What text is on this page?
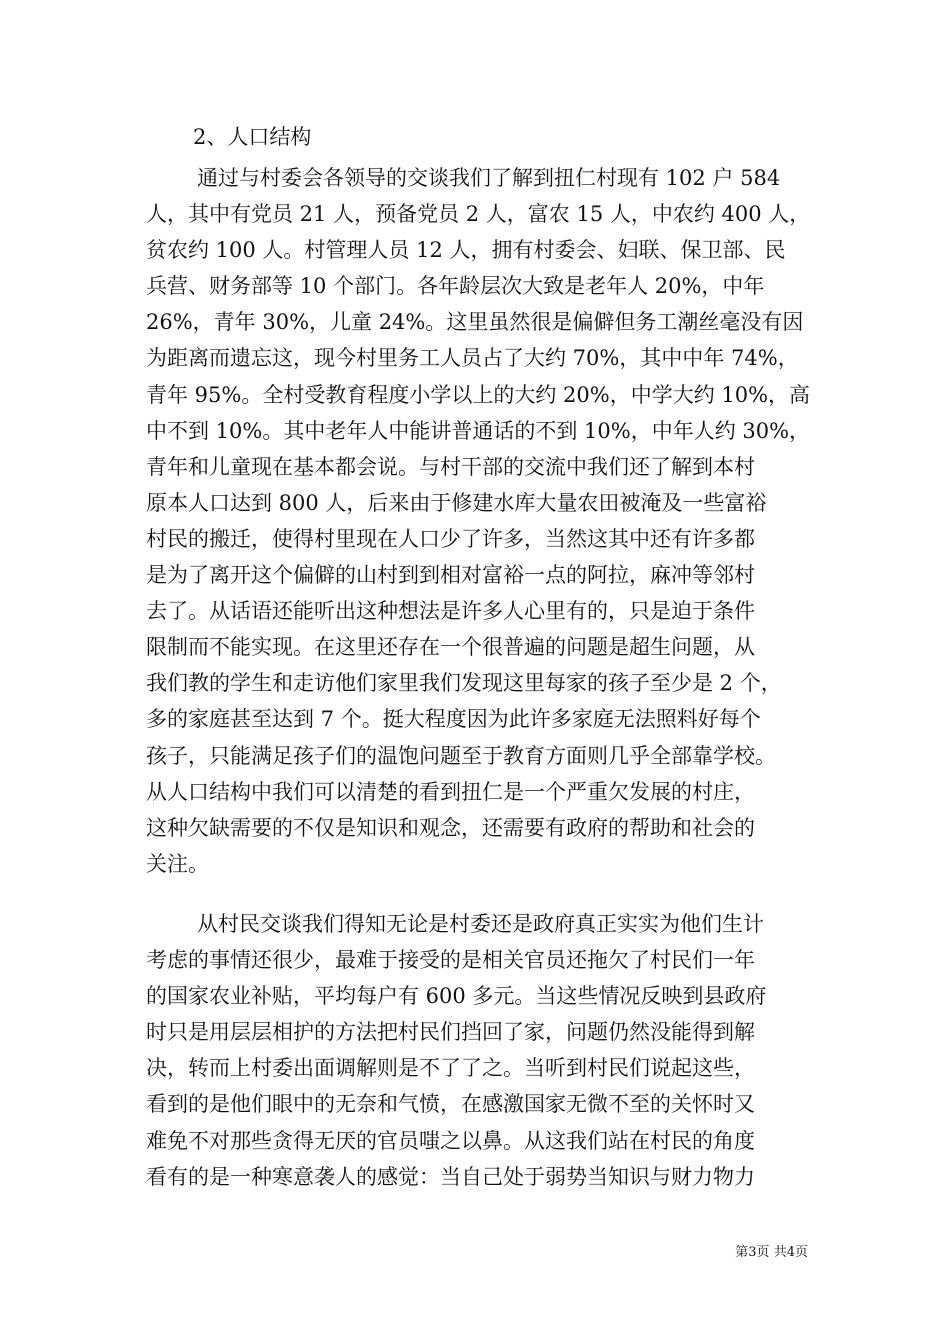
2、人口结构
通过与村委会各领导的交谈我们了解到扭仁村现有 102 户 584
人，其中有党员 21 人，预备党员 2 人，富农 15 人，中农约 400 人，
贫农约 100 人。村管理人员 12 人，拥有村委会、妇联、保卫部、民
兵营、财务部等 10 个部门。各年龄层次大致是老年人 20%，中年
26%，青年 30%，儿童 24%。这里虽然很是偏僻但务工潮丝毫没有因
为距离而遗忘这，现今村里务工人员占了大约 70%，其中中年 74%，
青年 95%。全村受教育程度小学以上的大约 20%，中学大约 10%，高
中不到 10%。其中老年人中能讲普通话的不到 10%，中年人约 30%，
青年和儿童现在基本都会说。与村干部的交流中我们还了解到本村
原本人口达到 800 人，后来由于修建水库大量农田被淹及一些富裕
村民的搬迁，使得村里现在人口少了许多，当然这其中还有许多都
是为了离开这个偏僻的山村到到相对富裕一点的阿拉，麻冲等邻村
去了。从话语还能听出这种想法是许多人心里有的，只是迫于条件
限制而不能实现。在这里还存在一个很普遍的问题是超生问题，从
我们教的学生和走访他们家里我们发现这里每家的孩子至少是 2 个，
多的家庭甚至达到 7 个。挺大程度因为此许多家庭无法照料好每个
孩子，只能满足孩子们的温饱问题至于教育方面则几乎全部靠学校。
从人口结构中我们可以清楚的看到扭仁是一个严重欠发展的村庄，
这种欠缺需要的不仅是知识和观念，还需要有政府的帮助和社会的
关注。
从村民交谈我们得知无论是村委还是政府真正实实为他们生计
考虑的事情还很少，最难于接受的是相关官员还拖欠了村民们一年
的国家农业补贴，平均每户有 600 多元。当这些情况反映到县政府
时只是用层层相护的方法把村民们挡回了家，问题仍然没能得到解
决，转而上村委出面调解则是不了了之。当听到村民们说起这些，
看到的是他们眼中的无奈和气愤，在感激国家无微不至的关怀时又
难免不对那些贪得无厌的官员嗤之以鼻。从这我们站在村民的角度
看有的是一种寒意袭人的感觉：当自己处于弱势当知识与财力物力
第3页 共4页
